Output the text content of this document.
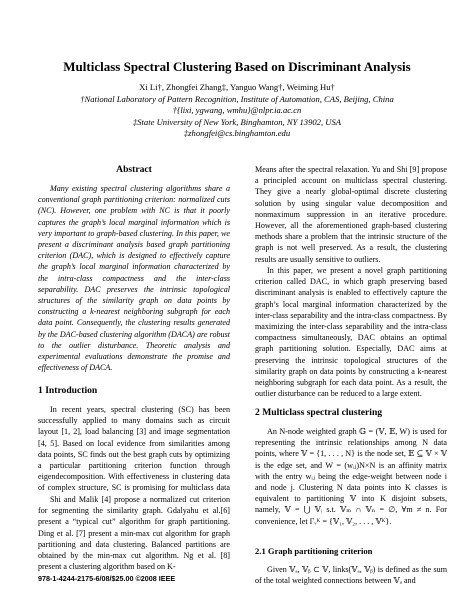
Multiclass Spectral Clustering Based on Discriminant Analysis
Xi Li†, Zhongfei Zhang‡, Yanguo Wang†, Weiming Hu†
†National Laboratory of Pattern Recognition, Institute of Automation, CAS, Beijing, China
†{lixi, ygwang, wmhu}@nlpr.ia.ac.cn
‡State University of New York, Binghamton, NY 13902, USA
‡zhongfei@cs.binghamton.edu
Abstract

Many existing spectral clustering algorithms share a conventional graph partitioning criterion: normalized cuts (NC). However, one problem with NC is that it poorly captures the graph’s local marginal information which is very important to graph-based clustering. In this paper, we present a discriminant analysis based graph partitioning criterion (DAC), which is designed to effectively capture the graph’s local marginal information characterized by the intra-class compactness and the inter-class separability. DAC preserves the intrinsic topological structures of the similarity graph on data points by constructing a k-nearest neighboring subgraph for each data point. Consequently, the clustering results generated by the DAC-based clustering algorithm (DACA) are robust to the outlier disturbance. Theoretic analysis and experimental evaluations demonstrate the promise and effectiveness of DACA.

1 Introduction

In recent years, spectral clustering (SC) has been successfully applied to many domains such as circuit layout [1, 2], load balancing [3] and image segmentation [4, 5]. Based on local evidence from similarities among data points, SC finds out the best graph cuts by optimizing a particular partitioning criterion function through eigendecomposition. With effectiveness in clustering data of complex structure, SC is promising for multiclass data

Shi and Malik [4] propose a normalized cut criterion for segmenting the similarity graph. Gdalyahu et al.[6] present a “typical cut” algorithm for graph partitioning. Ding et al. [7] present a min-max cut algorithm for graph partitioning and data clustering. Balanced partitions are obtained by the min-max cut algorithm. Ng et al. [8] present a clustering algorithm based on K-

Means after the spectral relaxation. Yu and Shi [9] propose a principled account on multiclass spectral clustering. They give a nearly global-optimal discrete clustering solution by using singular value decomposition and nonmaximum suppression in an iterative procedure. However, all the aforementioned graph-based clustering methods share a problem that the intrinsic structure of the graph is not well preserved. As a result, the clustering results are usually sensitive to outliers.

In this paper, we present a novel graph partitioning criterion called DAC, in which graph preserving based discriminant analysis is enabled to effectively capture the graph’s local marginal information characterized by the inter-class separability and the intra-class compactness. By maximizing the inter-class separability and the intra-class compactness simultaneously, DAC obtains an optimal graph partitioning solution. Especially, DAC aims at preserving the intrinsic topological structures of the similarity graph on data points by constructing a k-nearest neighboring subgraph for each data point. As a result, the outlier disturbance can be reduced to a large extent.

2 Multiclass spectral clustering

An N-node weighted graph 𝔾 = (𝕍, 𝔼, W) is used for representing the intrinsic relationships among N data points, where 𝕍 = {1, . . . , N} is the node set, 𝔼 ⊆ 𝕍 × 𝕍 is the edge set, and W = (wᵢⱼ)N×N is an affinity matrix with the entry wᵢⱼ being the edge-weight between node i and node j. Clustering N data points into K classes is equivalent to partitioning 𝕍 into K disjoint subsets, namely, 𝕍 = ⋃ 𝕍ᵢ s.t. 𝕍ₘ ∩ 𝕍ₙ = ∅, ∀m ≠ n. For convenience, let Γᵥᴷ = {𝕍₁, 𝕍₂, . . . , 𝕍ᴷ}.

2.1 Graph partitioning criterion

Given 𝕍ₐ, 𝕍ᵦ ⊂ 𝕍, links(𝕍ₐ, 𝕍ᵦ) is defined as the sum of the total weighted connections between 𝕍ₐ and

978-1-4244-2175-6/08/$25.00 ©2008 IEEE
